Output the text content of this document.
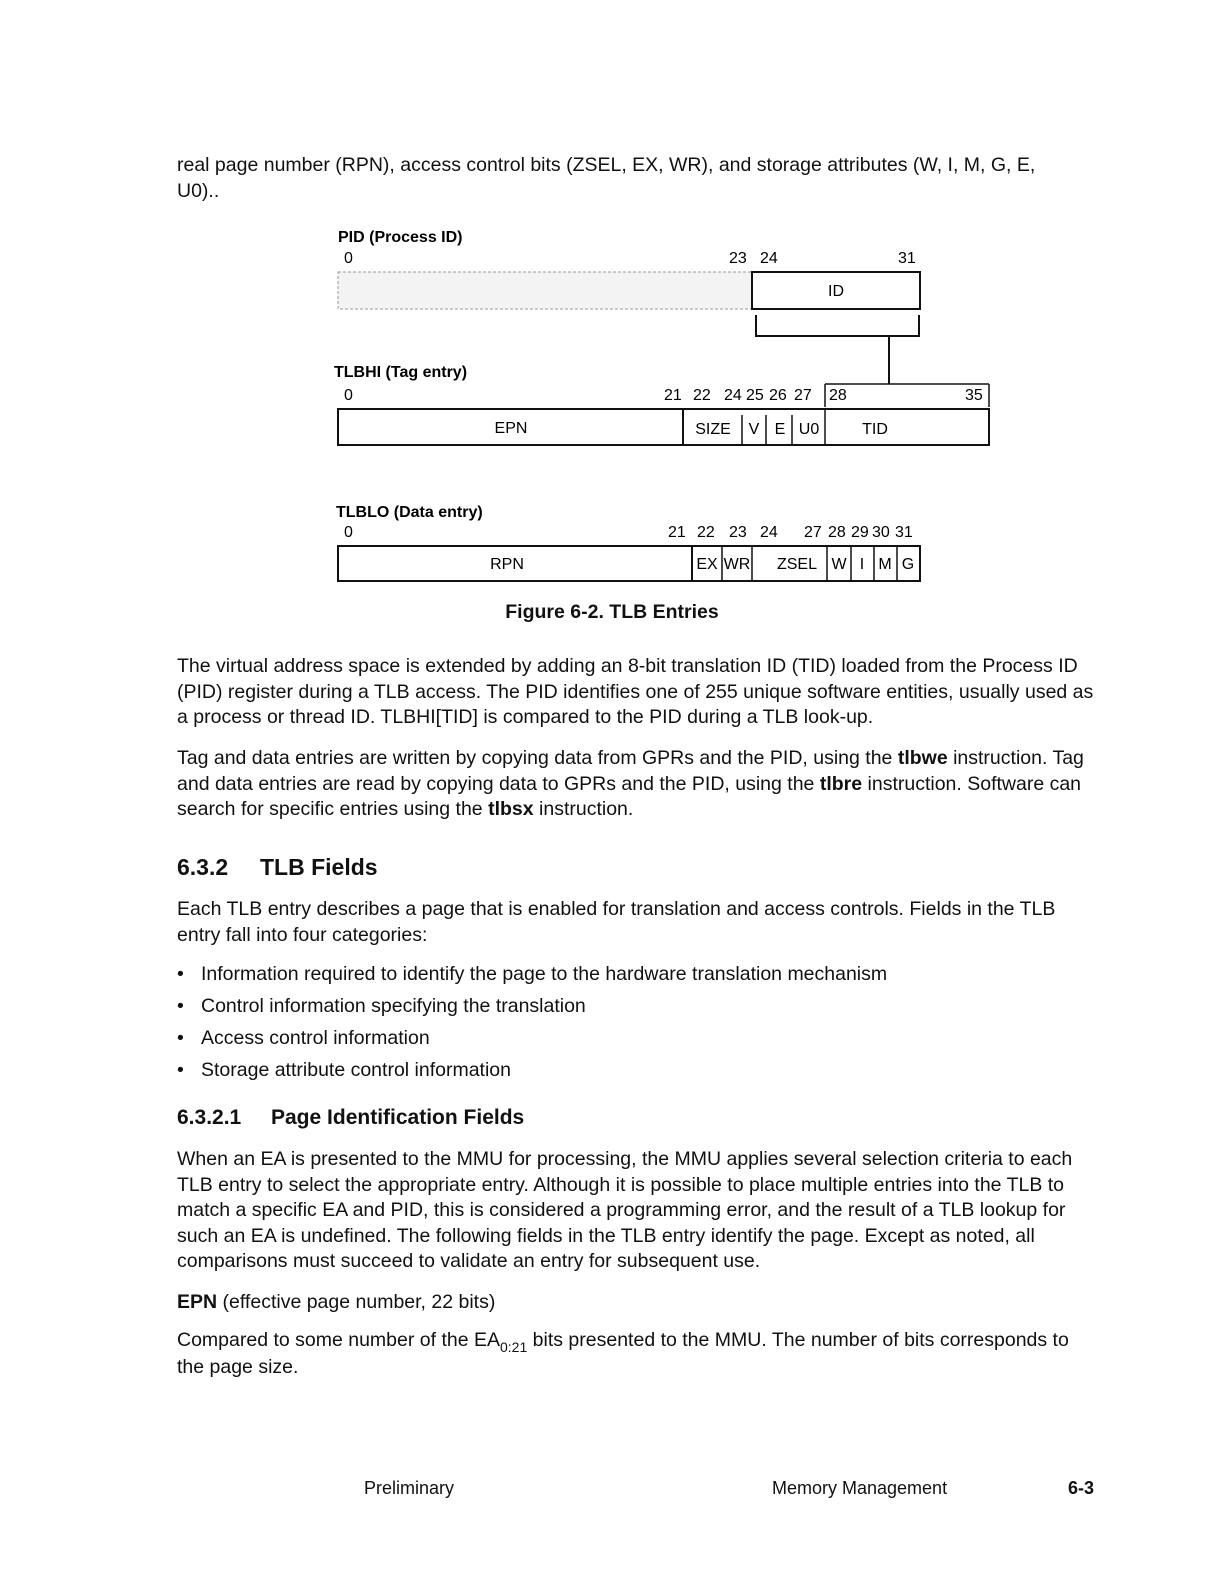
real page number (RPN), access control bits (ZSEL, EX, WR), and storage attributes (W, I, M, G, E,
U0)..
PID (Process ID)
0	23 24	31
ID
TLBHI (Tag entry)
0	21 22 24 25 26 27 28	35
EPN	SIZE V E U0	TID
TLBLO (Data entry)
0	21 22 23 24 27 28 29 30 31
RPN	EX WR ZSEL W I M G
Figure 6-2. TLB Entries
The virtual address space is extended by adding an 8-bit translation ID (TID) loaded from the Process ID (PID) register during a TLB access. The PID identifies one of 255 unique software entities, usually used as a process or thread ID. TLBHI[TID] is compared to the PID during a TLB look-up.
Tag and data entries are written by copying data from GPRs and the PID, using the tlbwe instruction. Tag and data entries are read by copying data to GPRs and the PID, using the tlbre instruction. Software can search for specific entries using the tlbsx instruction.
6.3.2 TLB Fields
Each TLB entry describes a page that is enabled for translation and access controls. Fields in the TLB entry fall into four categories:
• Information required to identify the page to the hardware translation mechanism
• Control information specifying the translation
• Access control information
• Storage attribute control information
6.3.2.1 Page Identification Fields
When an EA is presented to the MMU for processing, the MMU applies several selection criteria to each TLB entry to select the appropriate entry. Although it is possible to place multiple entries into the TLB to match a specific EA and PID, this is considered a programming error, and the result of a TLB lookup for such an EA is undefined. The following fields in the TLB entry identify the page. Except as noted, all comparisons must succeed to validate an entry for subsequent use.
EPN (effective page number, 22 bits)
Compared to some number of the $EA_{0:21}$ bits presented to the MMU. The number of bits corresponds to the page size.
Preliminary	Memory Management	6-3
